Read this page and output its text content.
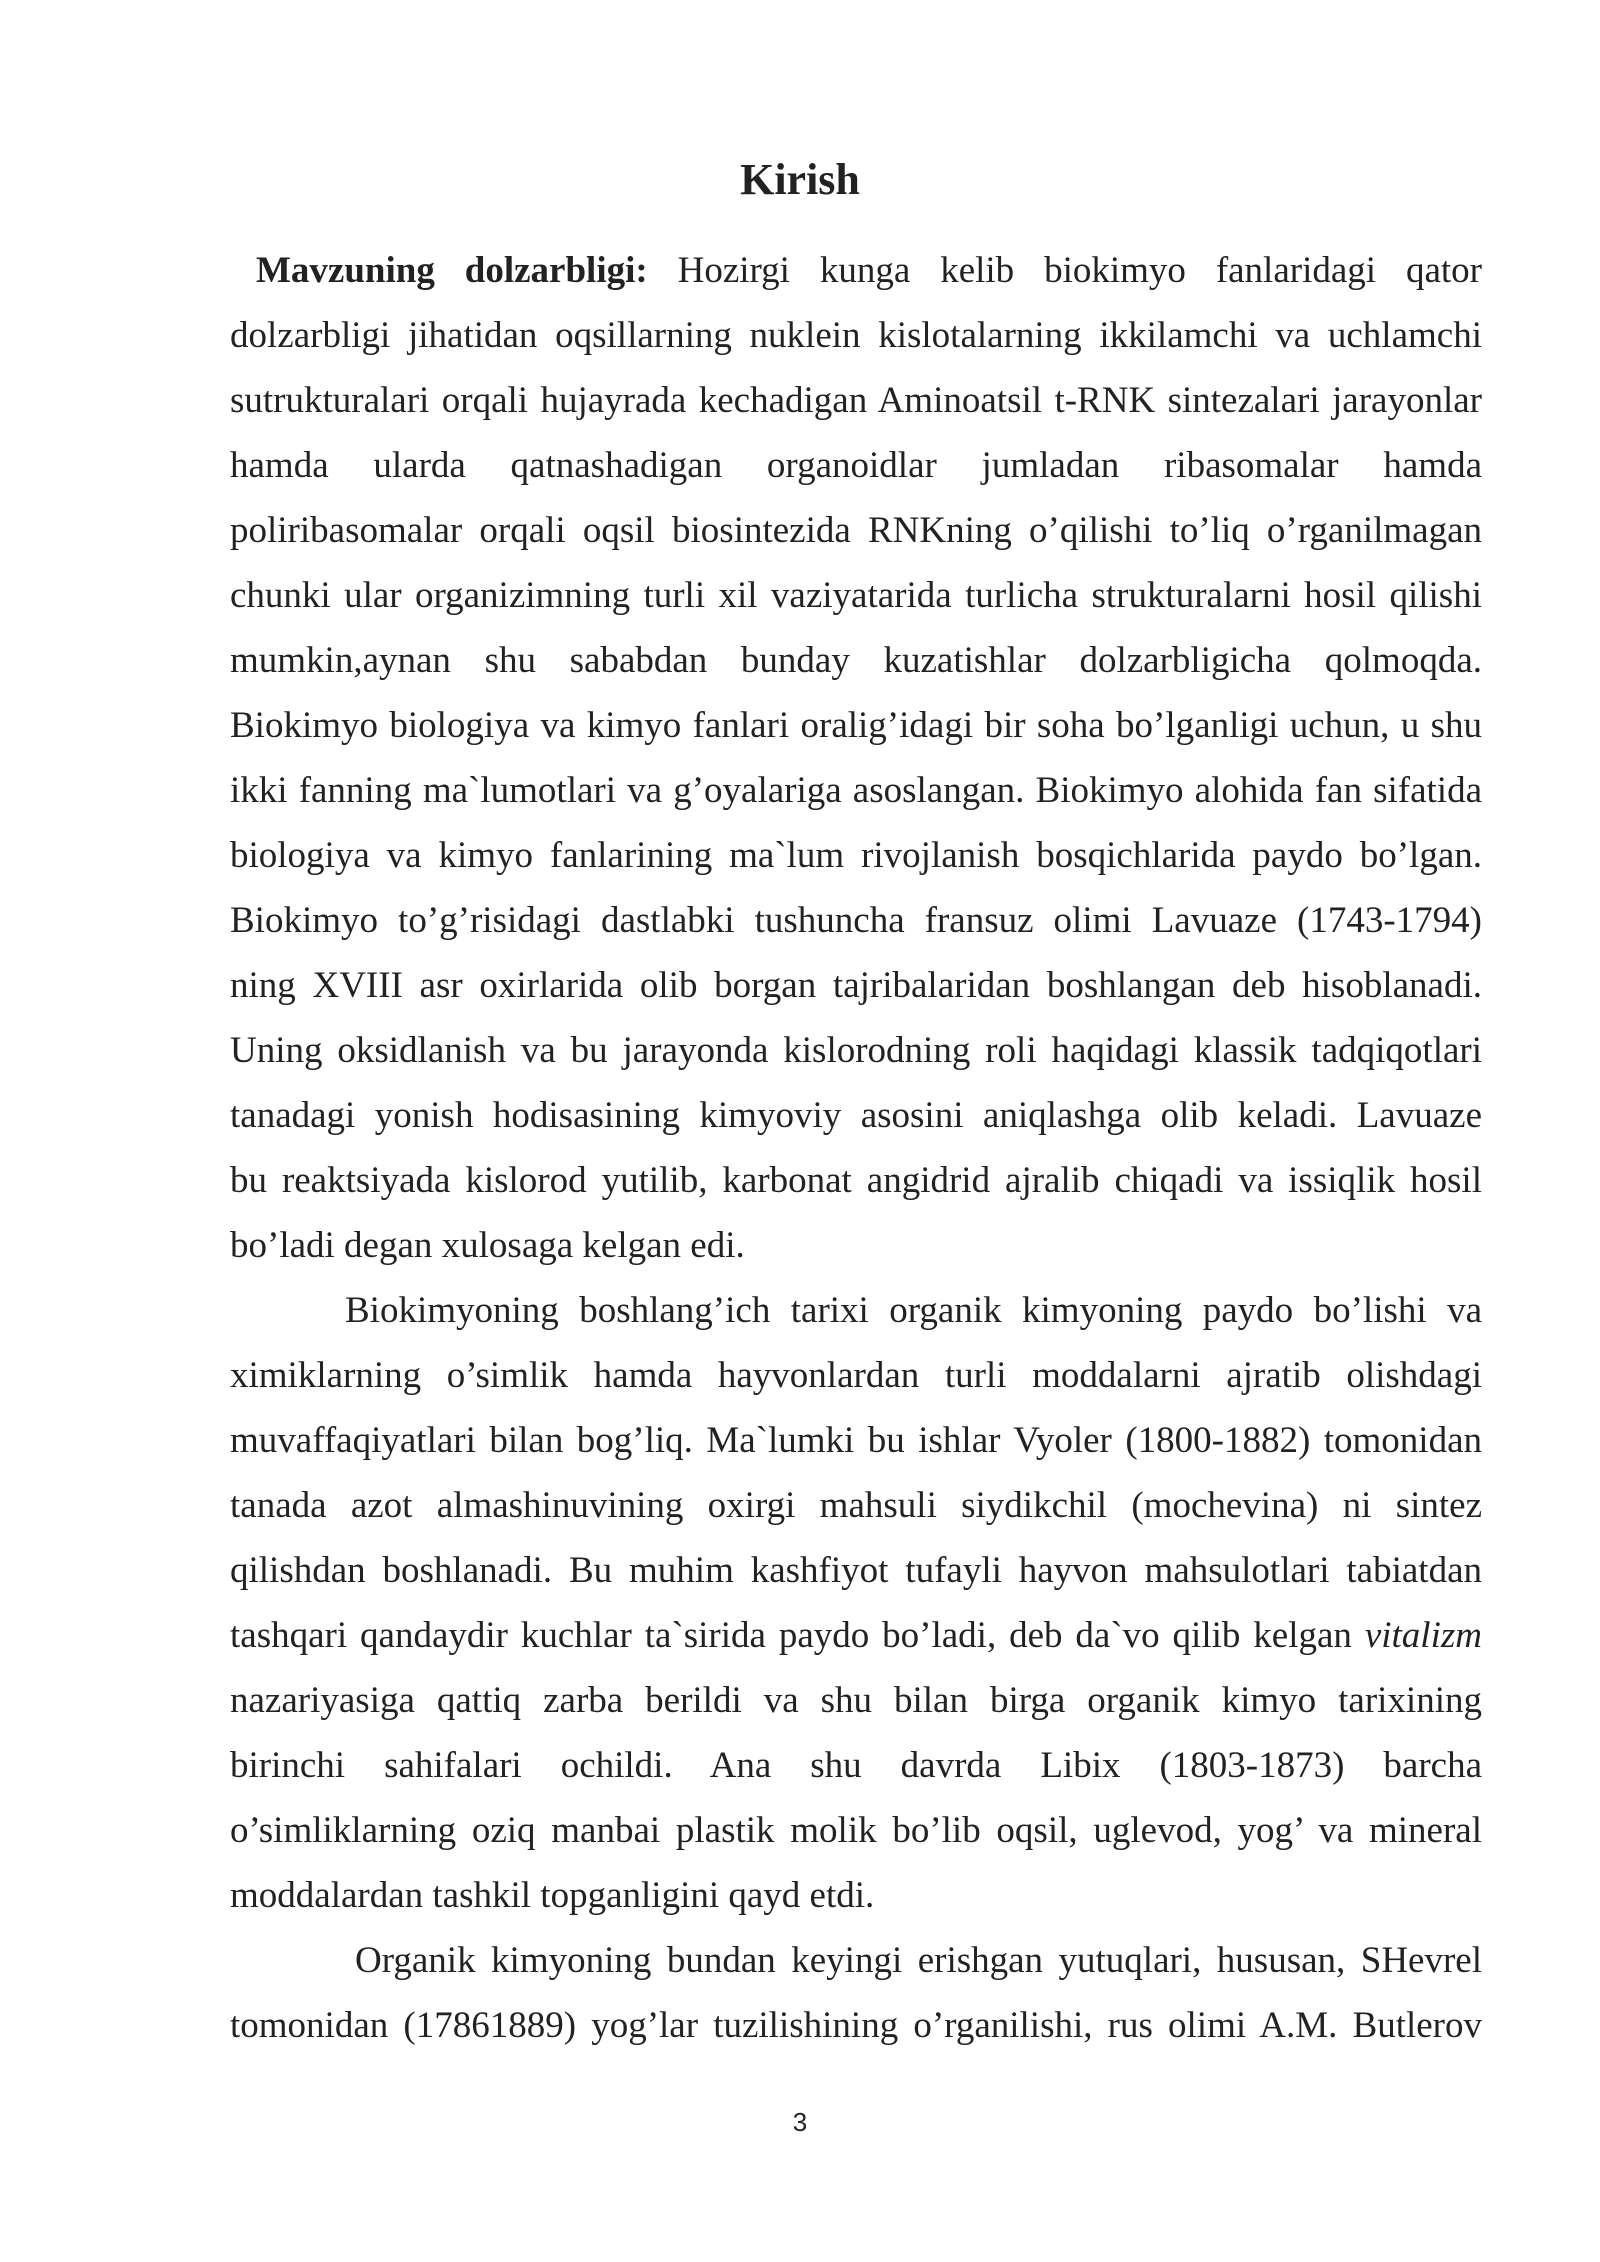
Kirish
Mavzuning dolzarbligi: Hozirgi kunga kelib biokimyo fanlaridagi qator
dolzarbligi jihatidan oqsillarning nuklein kislotalarning ikkilamchi va uchlamchi
sutrukturalari orqali hujayrada kechadigan Aminoatsil t-RNK sintezalari jarayonlar
hamda ularda qatnashadigan organoidlar jumladan ribasomalar hamda
poliribasomalar orqali oqsil biosintezida RNKning o’qilishi to’liq o’rganilmagan
chunki ular organizimning turli xil vaziyatarida turlicha strukturalarni hosil qilishi
mumkin,aynan shu sababdan bunday kuzatishlar dolzarbligicha qolmoqda.
Biokimyo biologiya va kimyo fanlari oralig’idagi bir soha bo’lganligi uchun, u shu
ikki fanning ma`lumotlari va g’oyalariga asoslangan. Biokimyo alohida fan sifatida
biologiya va kimyo fanlarining ma`lum rivojlanish bosqichlarida paydo bo’lgan.
Biokimyo to’g’risidagi dastlabki tushuncha fransuz olimi Lavuaze (1743-1794)
ning XVIII asr oxirlarida olib borgan tajribalaridan boshlangan deb hisoblanadi.
Uning oksidlanish va bu jarayonda kislorodning roli haqidagi klassik tadqiqotlari
tanadagi yonish hodisasining kimyoviy asosini aniqlashga olib keladi. Lavuaze
bu reaktsiyada kislorod yutilib, karbonat angidrid ajralib chiqadi va issiqlik hosil
bo’ladi degan xulosaga kelgan edi.
Biokimyoning boshlang’ich tarixi organik kimyoning paydo bo’lishi va
ximiklarning o’simlik hamda hayvonlardan turli moddalarni ajratib olishdagi
muvaffaqiyatlari bilan bog’liq. Ma`lumki bu ishlar Vyoler (1800-1882) tomonidan
tanada azot almashinuvining oxirgi mahsuli siydikchil (mochevina) ni sintez
qilishdan boshlanadi. Bu muhim kashfiyot tufayli hayvon mahsulotlari tabiatdan
tashqari qandaydir kuchlar ta`sirida paydo bo’ladi, deb da`vo qilib kelgan vitalizm
nazariyasiga qattiq zarba berildi va shu bilan birga organik kimyo tarixining
birinchi sahifalari ochildi. Ana shu davrda Libix (1803-1873) barcha
o’simliklarning oziq manbai plastik molik bo’lib oqsil, uglevod, yog’ va mineral
moddalardan tashkil topganligini qayd etdi.
Organik kimyoning bundan keyingi erishgan yutuqlari, hususan, SHevrel
tomonidan (17861889) yog’lar tuzilishining o’rganilishi, rus olimi A.M. Butlerov
3
